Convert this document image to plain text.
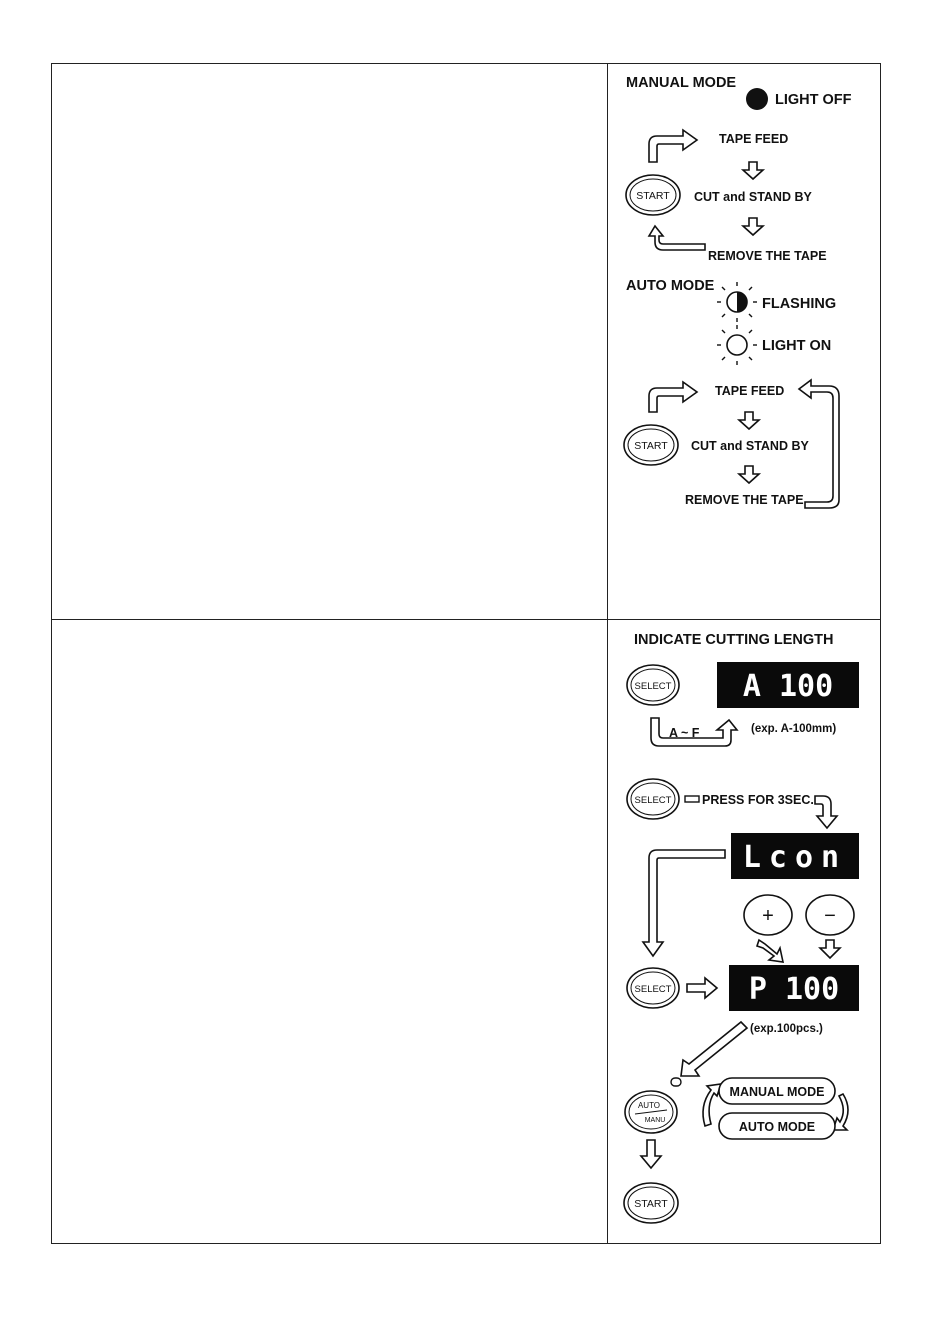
MANUAL MODE
LIGHT OFF
TAPE FEED
START CUT and STAND BY
REMOVE THE TAPE
AUTO MODE
FLASHING
LIGHT ON
TAPE FEED
START CUT and STAND BY
REMOVE THE TAPE
INDICATE CUTTING LENGTH
SELECT A 100
A ~ F	(exp. A-100mm)
SELECT PRESS FOR 3SEC.
Lcon
+	−
SELECT	P 100
(exp.100pcs.)
AUTO
MANU
MANUAL MODE
AUTO MODE
START
